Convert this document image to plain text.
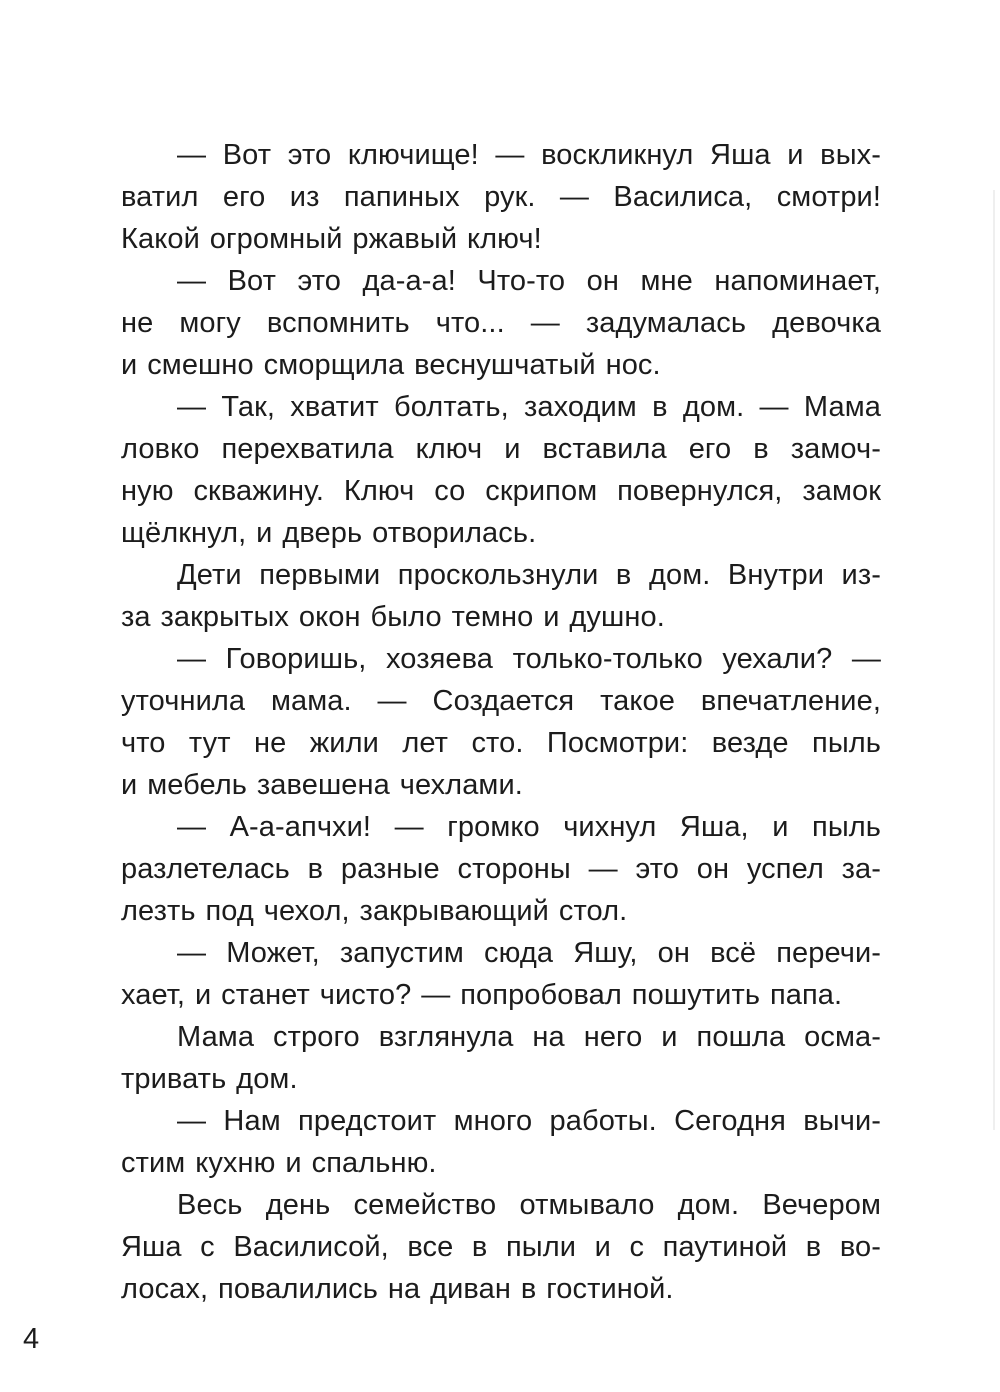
— Вот это ключище! — воскликнул Яша и вых-
ватил его из папиных рук. — Василиса, смотри!
Какой огромный ржавый ключ!
— Вот это да-а-а! Что-то он мне напоминает,
не могу вспомнить что... — задумалась девочка
и смешно сморщила веснушчатый нос.
— Так, хватит болтать, заходим в дом. — Мама
ловко перехватила ключ и вставила его в замоч-
ную скважину. Ключ со скрипом повернулся, замок
щёлкнул, и дверь отворилась.
Дети первыми проскользнули в дом. Внутри из-
за закрытых окон было темно и душно.
— Говоришь, хозяева только-только уехали? —
уточнила мама. — Создается такое впечатление,
что тут не жили лет сто. Посмотри: везде пыль
и мебель завешена чехлами.
— А-а-апчхи! — громко чихнул Яша, и пыль
разлетелась в разные стороны — это он успел за-
лезть под чехол, закрывающий стол.
— Может, запустим сюда Яшу, он всё перечи-
хает, и станет чисто? — попробовал пошутить папа.
Мама строго взглянула на него и пошла осма-
тривать дом.
— Нам предстоит много работы. Сегодня вычи-
стим кухню и спальню.
Весь день семейство отмывало дом. Вечером
Яша с Василисой, все в пыли и с паутиной в во-
лосах, повалились на диван в гостиной.
4
